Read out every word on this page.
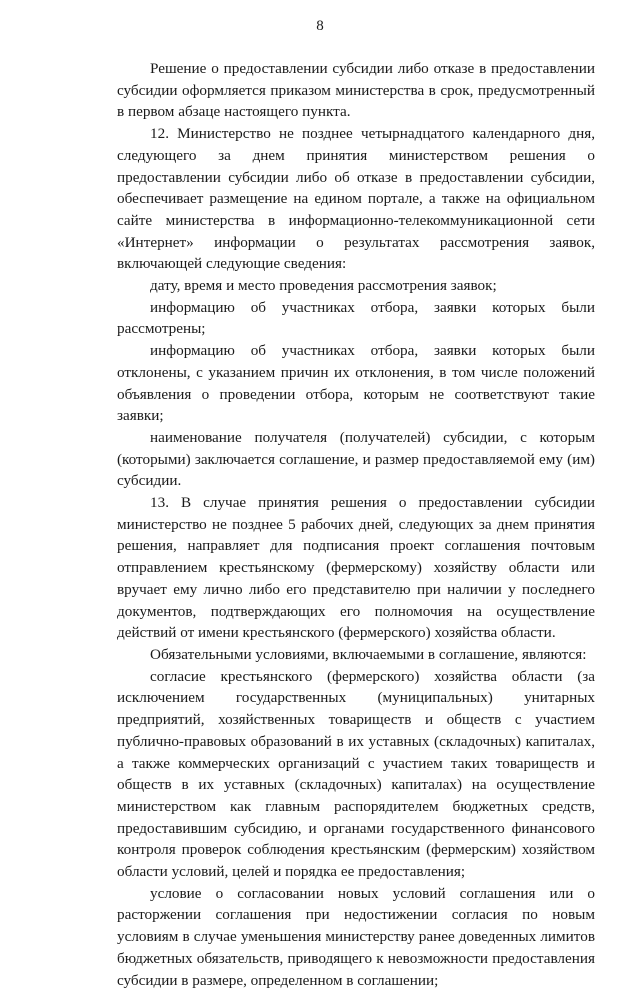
8

Решение о предоставлении субсидии либо отказе в предоставлении субсидии оформляется приказом министерства в срок, предусмотренный в первом абзаце настоящего пункта.

12. Министерство не позднее четырнадцатого календарного дня, следующего за днем принятия министерством решения о предоставлении субсидии либо об отказе в предоставлении субсидии, обеспечивает размещение на едином портале, а также на официальном сайте министерства в информационно-телекоммуникационной сети «Интернет» информации о результатах рассмотрения заявок, включающей следующие сведения:

дату, время и место проведения рассмотрения заявок;

информацию об участниках отбора, заявки которых были рассмотрены;

информацию об участниках отбора, заявки которых были отклонены, с указанием причин их отклонения, в том числе положений объявления о проведении отбора, которым не соответствуют такие заявки;

наименование получателя (получателей) субсидии, с которым (которыми) заключается соглашение, и размер предоставляемой ему (им) субсидии.

13. В случае принятия решения о предоставлении субсидии министерство не позднее 5 рабочих дней, следующих за днем принятия решения, направляет для подписания проект соглашения почтовым отправлением крестьянскому (фермерскому) хозяйству области или вручает ему лично либо его представителю при наличии у последнего документов, подтверждающих его полномочия на осуществление действий от имени крестьянского (фермерского) хозяйства области.

Обязательными условиями, включаемыми в соглашение, являются:

согласие крестьянского (фермерского) хозяйства области (за исключением государственных (муниципальных) унитарных предприятий, хозяйственных товариществ и обществ с участием публично-правовых образований в их уставных (складочных) капиталах, а также коммерческих организаций с участием таких товариществ и обществ в их уставных (складочных) капиталах) на осуществление министерством как главным распорядителем бюджетных средств, предоставившим субсидию, и органами государственного финансового контроля проверок соблюдения крестьянским (фермерским) хозяйством области условий, целей и порядка ее предоставления;

условие о согласовании новых условий соглашения или о расторжении соглашения при недостижении согласия по новым условиям в случае уменьшения министерству ранее доведенных лимитов бюджетных обязательств, приводящего к невозможности предоставления субсидии в размере, определенном в соглашении;
